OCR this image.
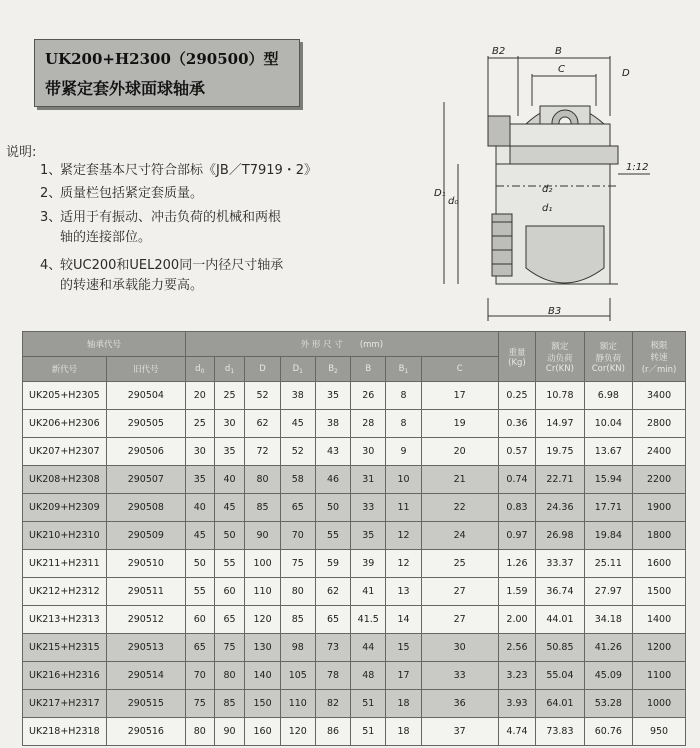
UK200+H2300（290500）型
带紧定套外球面球轴承
说明:
1、紧定套基本尺寸符合部标《JB／T7919・2》
2、质量栏包括紧定套质量。
3、适用于有振动、冲击负荷的机械和两根
轴的连接部位。
4、较UC200和UEL200同一内径尺寸轴承
的转速和承载能力要高。
B2	B
C	D
D₁
d₀
d₂
d₁
1:12
B3
轴承代号		外 形 尺 寸　　 (mm)								重量
(Kg)	额定
动负荷
Cr(KN)	额定
静负荷
Cor(KN)	极限
转速
(r／min)
新代号	旧代号	$d_0$	$d_1$	D	$D_1$	$B_2$	B	$B_1$	C				
UK205+H2305	290504	20	25	52	38	35	26	8	17	0.25	10.78	6.98	3400
UK206+H2306	290505	25	30	62	45	38	28	8	19	0.36	14.97	10.04	2800
UK207+H2307	290506	30	35	72	52	43	30	9	20	0.57	19.75	13.67	2400
UK208+H2308	290507	35	40	80	58	46	31	10	21	0.74	22.71	15.94	2200
UK209+H2309	290508	40	45	85	65	50	33	11	22	0.83	24.36	17.71	1900
UK210+H2310	290509	45	50	90	70	55	35	12	24	0.97	26.98	19.84	1800
UK211+H2311	290510	50	55	100	75	59	39	12	25	1.26	33.37	25.11	1600
UK212+H2312	290511	55	60	110	80	62	41	13	27	1.59	36.74	27.97	1500
UK213+H2313	290512	60	65	120	85	65	41.5	14	27	2.00	44.01	34.18	1400
UK215+H2315	290513	65	75	130	98	73	44	15	30	2.56	50.85	41.26	1200
UK216+H2316	290514	70	80	140	105	78	48	17	33	3.23	55.04	45.09	1100
UK217+H2317	290515	75	85	150	110	82	51	18	36	3.93	64.01	53.28	1000
UK218+H2318	290516	80	90	160	120	86	51	18	37	4.74	73.83	60.76	950
